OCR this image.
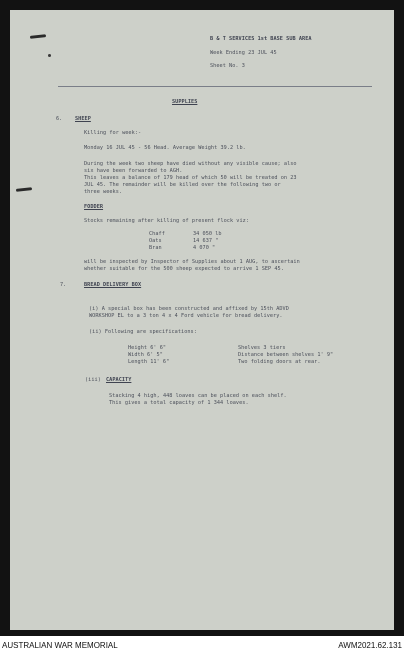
B & T SERVICES 1st BASE SUB AREA
Week Ending 23 JUL 45
Sheet No. 3
SUPPLIES
6. SHEEP
Killing for week:-
Monday 16 JUL 45 - 56 Head. Average Weight 39.2 lb.
During the week two sheep have died without any visible cause; also
six have been forwarded to AGH.
This leaves a balance of 179 head of which 50 will be treated on 23
JUL 45. The remainder will be killed over the following two or
three weeks.
FODDER
Stocks remaining after killing of present flock viz:
Chaff	34 050 lb
Oats	14 637 "
Bran	4 070 "
will be inspected by Inspector of Supplies about 1 AUG, to ascertain
whether suitable for the 500 sheep expected to arrive 1 SEP 45.
7.	BREAD DELIVERY BOX
(i) A special box has been constructed and affixed by 15th ADVD
WORKSHOP EL to a 3 ton 4 x 4 Ford vehicle for bread delivery.
(ii) Following are specifications:
Height 6' 6"
Width 6' 5"
Length 11' 6"
Shelves 3 tiers
Distance between shelves 1' 9"
Two folding doors at rear.
(iii) CAPACITY
Stacking 4 high, 448 loaves can be placed on each shelf.
This gives a total capacity of 1 344 loaves.
AUSTRALIAN WAR MEMORIAL	AWM2021.62.131
